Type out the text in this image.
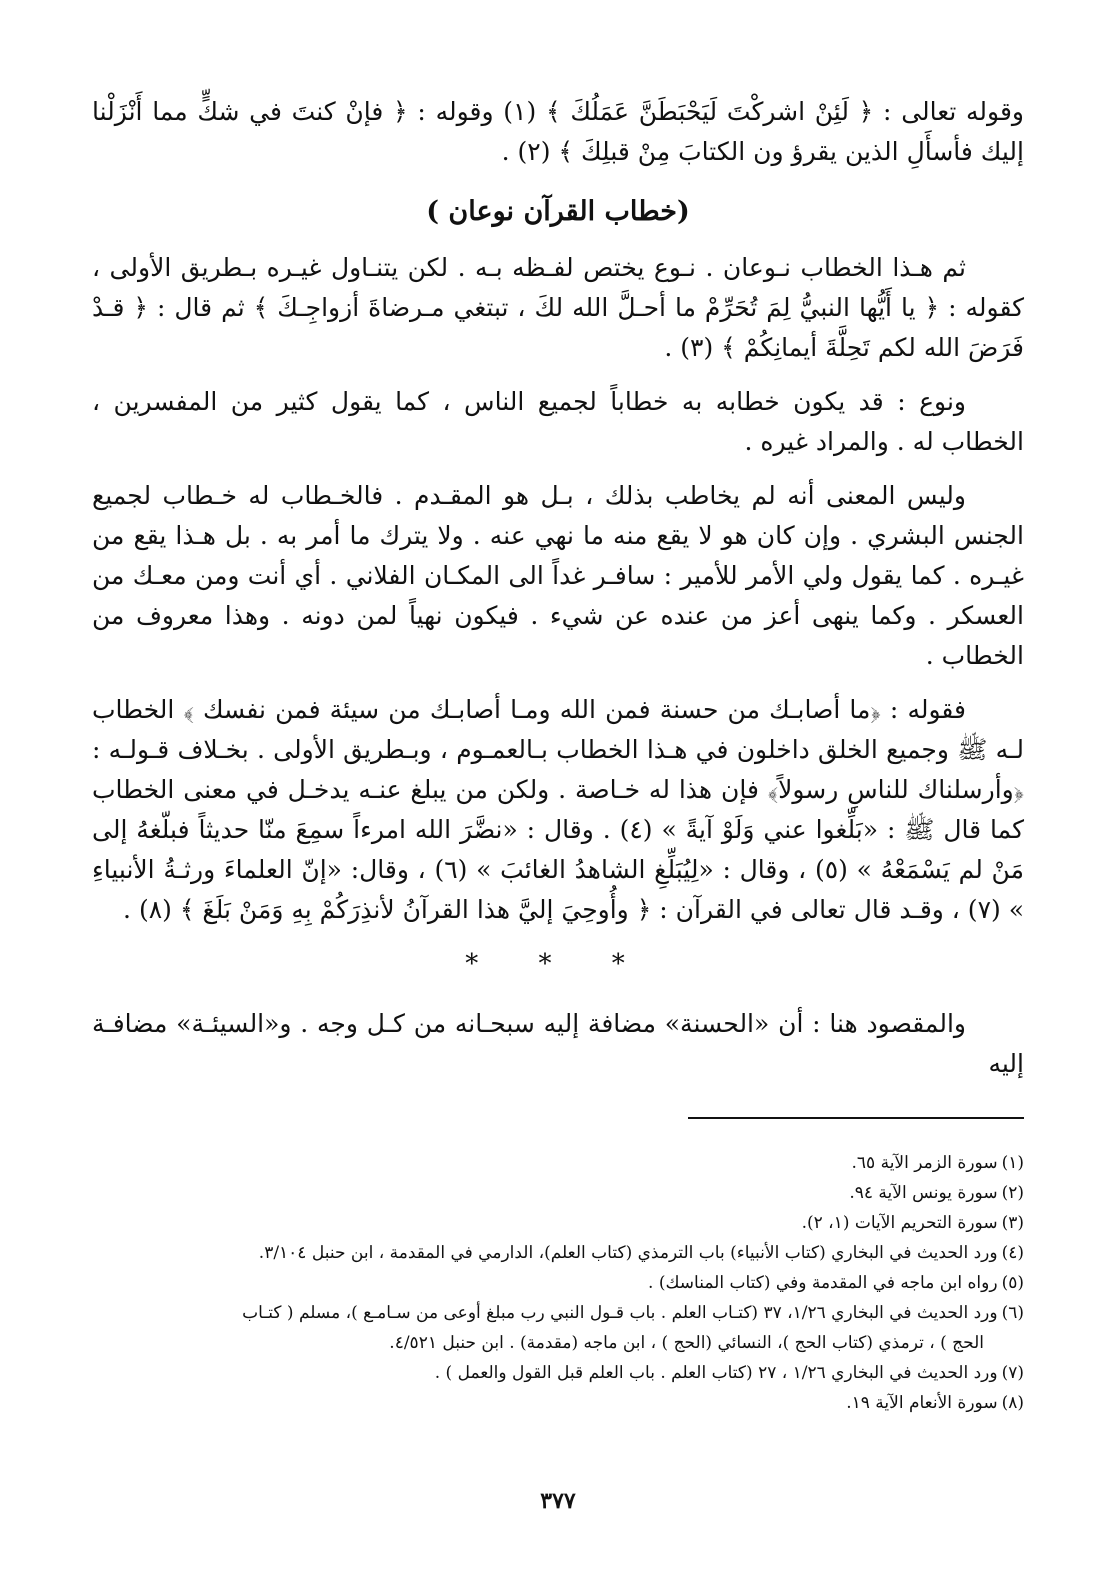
وقوله تعالى : ﴿ لَئِنْ اشركْتَ لَيَحْبَطَنَّ عَمَلُكَ ﴾ (١) وقوله : ﴿ فإنْ كنتَ في شكٍّ مما أَنْزَلْنا إليك فأسأَلِ الذين يقرؤ ون الكتابَ مِنْ قبلِكَ ﴾ (٢) .

(خطاب القرآن نوعان )

ثم هـذا الخطاب نـوعان . نـوع يختص لفـظه بـه . لكن يتنـاول غيـره بـطريق الأولى ، كقوله : ﴿ يا أَيُّها النبيُّ لِمَ تُحَرِّمْ ما أحـلَّ الله لكَ ، تبتغي مـرضاةَ أزواجِـكَ ﴾ ثم قال : ﴿ قـدْ فَرَضَ الله لكم تَحِلَّةَ أيمانِكُمْ ﴾ (٣) .

ونوع : قد يكون خطابه به خطاباً لجميع الناس ، كما يقول كثير من المفسرين ، الخطاب له . والمراد غيره .

وليس المعنى أنه لم يخاطب بذلك ، بـل هو المقـدم . فالخـطاب له خـطاب لجميع الجنس البشري . وإن كان هو لا يقع منه ما نهي عنه . ولا يترك ما أمر به . بل هـذا يقع من غيـره . كما يقول ولي الأمر للأمير : سافـر غداً الى المكـان الفلاني . أي أنت ومن معـك من العسكر . وكما ينهى أعز من عنده عن شيء . فيكون نهياً لمن دونه . وهذا معروف من الخطاب .

فقوله : ﴿ما أصابـك من حسنة فمن الله ومـا أصابـك من سيئة فمن نفسك ﴾ الخطاب لـه ﷺ وجميع الخلق داخلون في هـذا الخطاب بـالعمـوم ، وبـطريق الأولى . بخـلاف قـولـه : ﴿وأرسلناك للناسِ رسولاً﴾ فإن هذا له خـاصة . ولكن من يبلغ عنـه يدخـل في معنى الخطاب كما قال ﷺ : «بَلِّغوا عني وَلَوْ آيةً » (٤) . وقال : «نضَّرَ الله امرءاً سمِعَ منّا حديثاً فبلّغهُ إلى مَنْ لم يَسْمَعْهُ » (٥) ، وقال : «لِيُبَلِّغِ الشاهدُ الغائبَ » (٦) ، وقال: «إنّ العلماءَ ورثـةُ الأنبياءِ » (٧) ، وقـد قال تعالى في القرآن : ﴿ وأُوحِيَ إليَّ هذا القرآنُ لأنذِرَكُمْ بِهِ وَمَنْ بَلَغَ ﴾ (٨) .

* * *

والمقصود هنا : أن «الحسنة» مضافة إليه سبحـانه من كـل وجه . و«السيئـة» مضافـة إليه

(١)سورة الزمر الآية ٦٥.

(٢)سورة يونس الآية ٩٤.

(٣)سورة التحريم الآيات (١، ٢).

(٤)ورد الحديث في البخاري (كتاب الأنبياء) باب الترمذي (كتاب العلم)، الدارمي في المقدمة ، ابن حنبل ٣/١٠٤.

(٥)رواه ابن ماجه في المقدمة وفي (كتاب المناسك) .

(٦)ورد الحديث في البخاري ١/٢٦، ٣٧ (كتـاب العلم . باب قـول النبي رب مبلغ أوعى من سـامـع )، مسلم ( كتـاب

الحج ) ، ترمذي (كتاب الحج )، النسائي (الحج ) ، ابن ماجه (مقدمة) . ابن حنبل ٤/٥٢١.

(٧)ورد الحديث في البخاري ١/٢٦ ، ٢٧ (كتاب العلم . باب العلم قبل القول والعمل ) .

(٨)سورة الأنعام الآية ١٩.

٣٧٧
